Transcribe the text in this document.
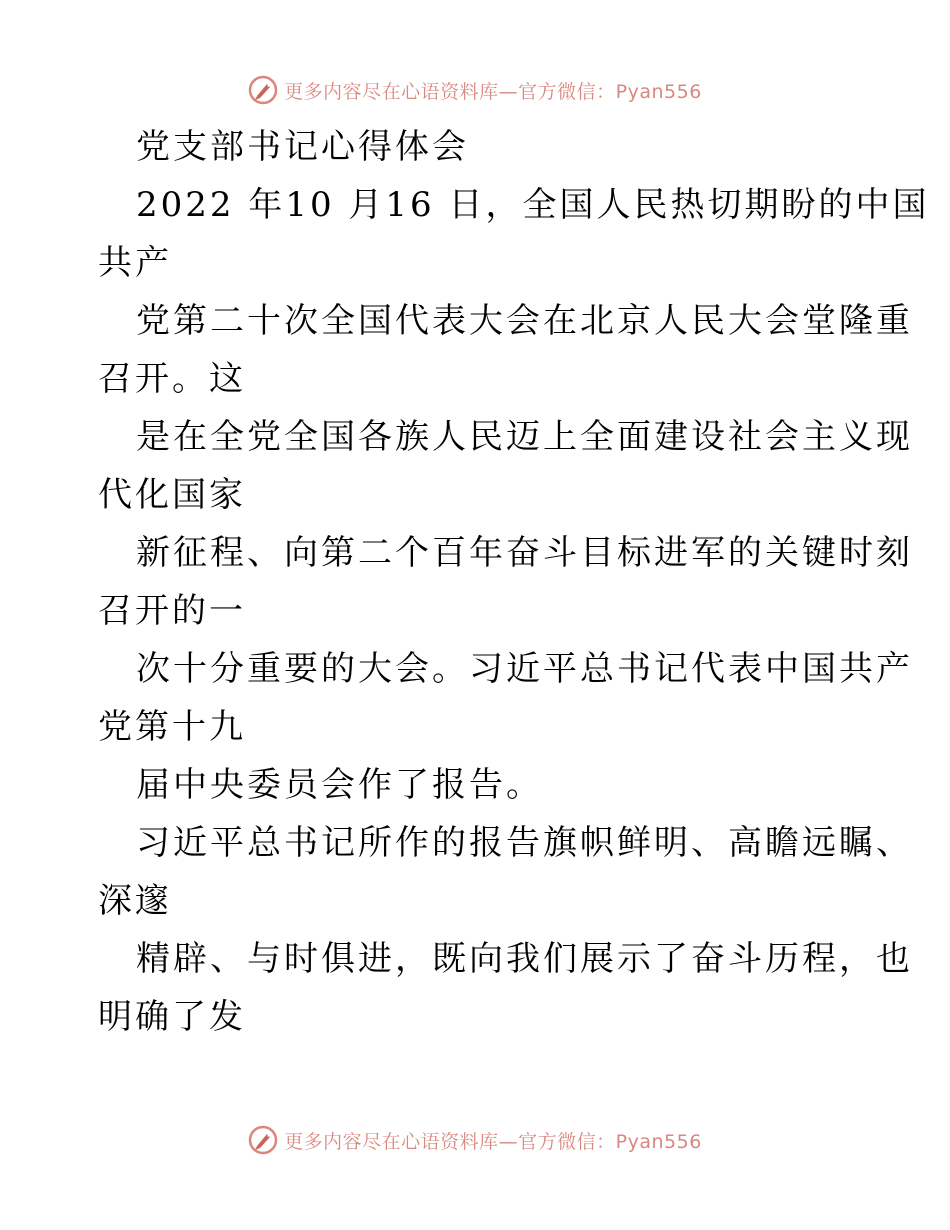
更多内容尽在心语资料库—官方微信：Pyan556
党支部书记心得体会
2022 年10 月16 日，全国人民热切期盼的中国
共产
党第二十次全国代表大会在北京人民大会堂隆重
召开。这
是在全党全国各族人民迈上全面建设社会主义现
代化国家
新征程、向第二个百年奋斗目标进军的关键时刻
召开的一
次十分重要的大会。习近平总书记代表中国共产
党第十九
届中央委员会作了报告。
习近平总书记所作的报告旗帜鲜明、高瞻远瞩、
深邃
精辟、与时俱进，既向我们展示了奋斗历程，也
明确了发
更多内容尽在心语资料库—官方微信：Pyan556
